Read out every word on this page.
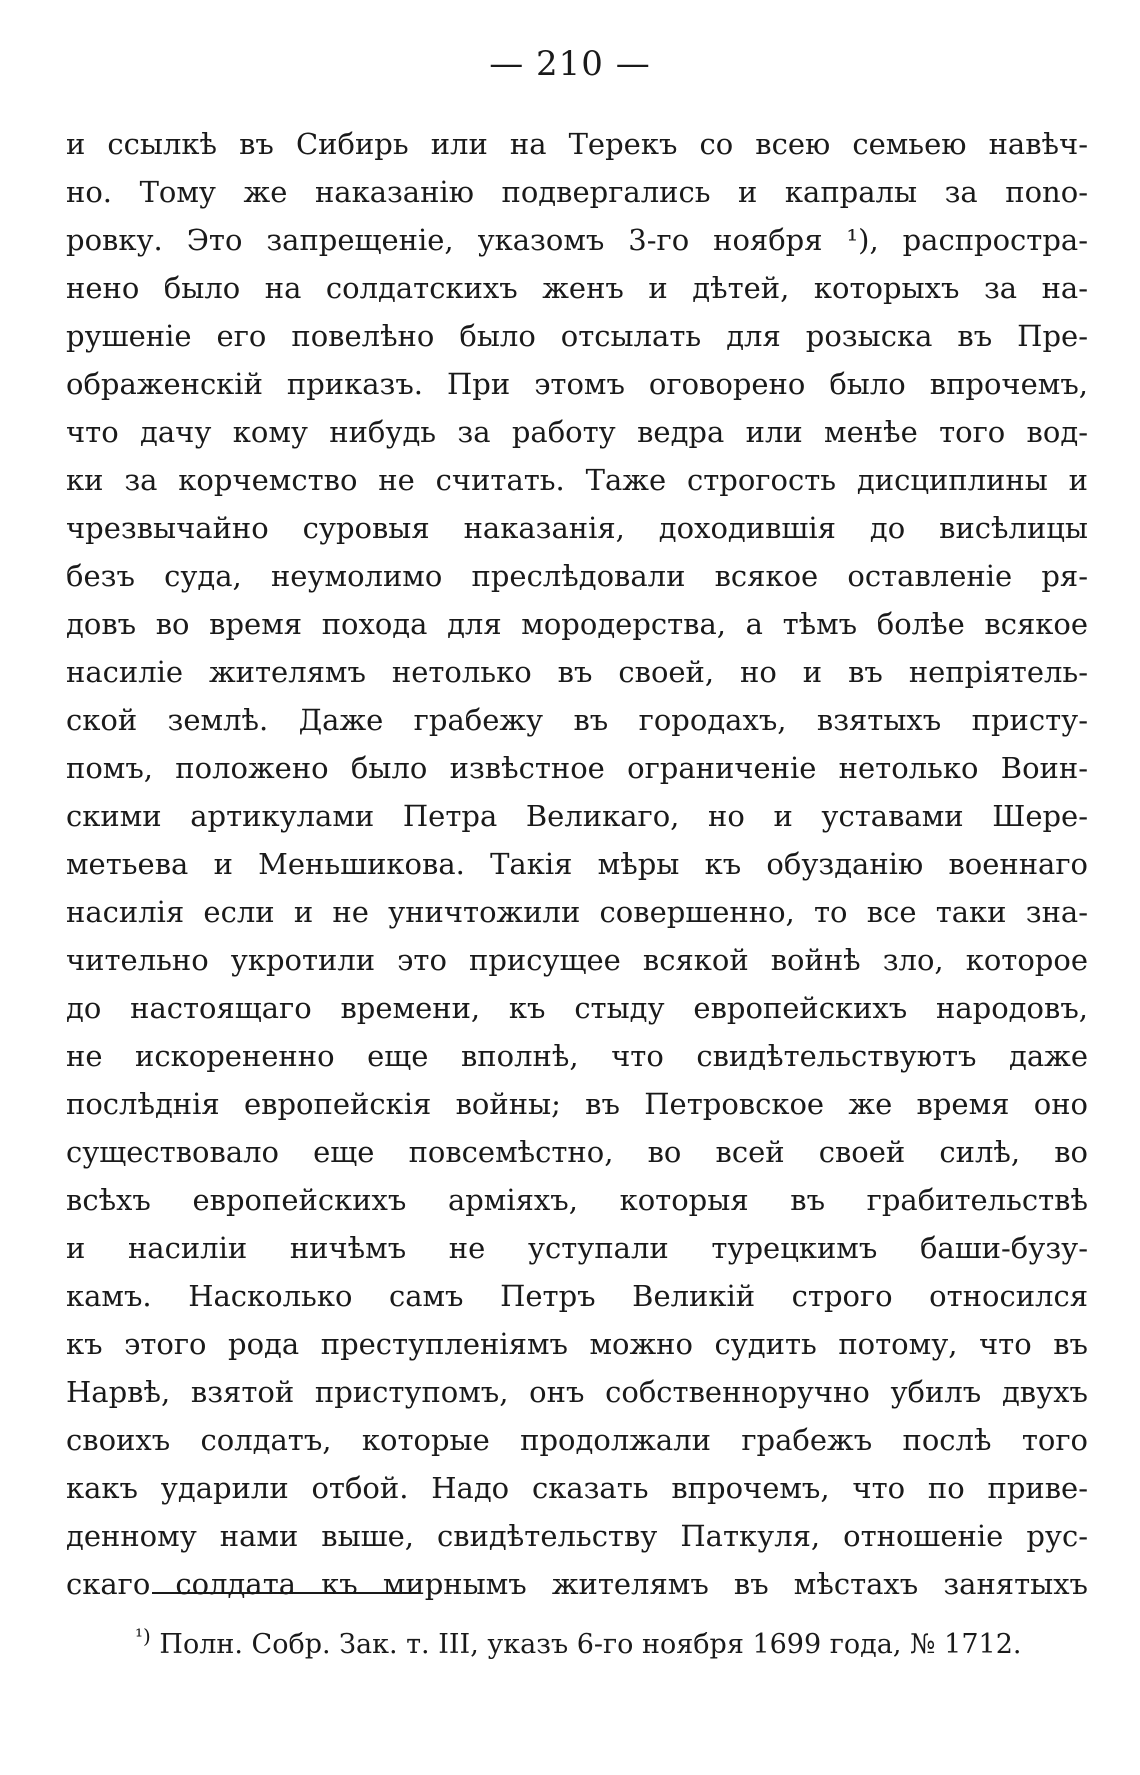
— 210 —
и ссылкѣ въ Сибирь или на Терекъ со всею семьею навѣч-
но. Тому же наказанію подвергались и капралы за пono-
ровку. Это запрещеніе, указомъ 3-го ноября ¹), распростра-
нено было на солдатскихъ женъ и дѣтей, которыхъ за на-
рушеніе его повелѣно было отсылать для розыска въ Пре-
ображенскій приказъ. При этомъ оговорено было впрочемъ,
что дачу кому нибудь за работу ведра или менѣе того вод-
ки за корчемство не считать. Таже строгость дисциплины и
чрезвычайно суровыя наказанія, доходившія до висѣлицы
безъ суда, неумолимо преслѣдовали всякое оставленіе ря-
довъ во время похода для мородерства, а тѣмъ болѣе всякое
насиліе жителямъ нетолько въ своей, но и въ непріятель-
ской землѣ. Даже грабежу въ городахъ, взятыхъ присту-
помъ, положено было извѣстное ограниченіе нетолько Воин-
скими артикулами Петра Великаго, но и уставами Шере-
метьева и Меньшикова. Такія мѣры къ обузданію военнаго
насилія если и не уничтожили совершенно, то все таки зна-
чительно укротили это присущее всякой войнѣ зло, которое
до настоящаго времени, къ стыду европейскихъ народовъ,
не искорененно еще вполнѣ, что свидѣтельствуютъ даже
послѣднія европейскія войны; въ Петровское же время оно
существовало еще повсемѣстно, во всей своей силѣ, во
всѣхъ европейскихъ арміяхъ, которыя въ грабительствѣ
и насиліи ничѣмъ не уступали турецкимъ баши-бузу-
камъ. Насколько самъ Петръ Великій строго относился
къ этого рода преступленіямъ можно судить потому, что въ
Нарвѣ, взятой приступомъ, онъ собственноручно убилъ двухъ
своихъ солдатъ, которые продолжали грабежъ послѣ того
какъ ударили отбой. Надо сказать впрочемъ, что по приве-
денному нами выше, свидѣтельству Паткуля, отношеніе рус-
скаго солдата къ мирнымъ жителямъ въ мѣстахъ занятыхъ
$^{^1)}$ Полн. Собр. Зак. т. III, указъ 6-го ноября 1699 года, № 1712.
